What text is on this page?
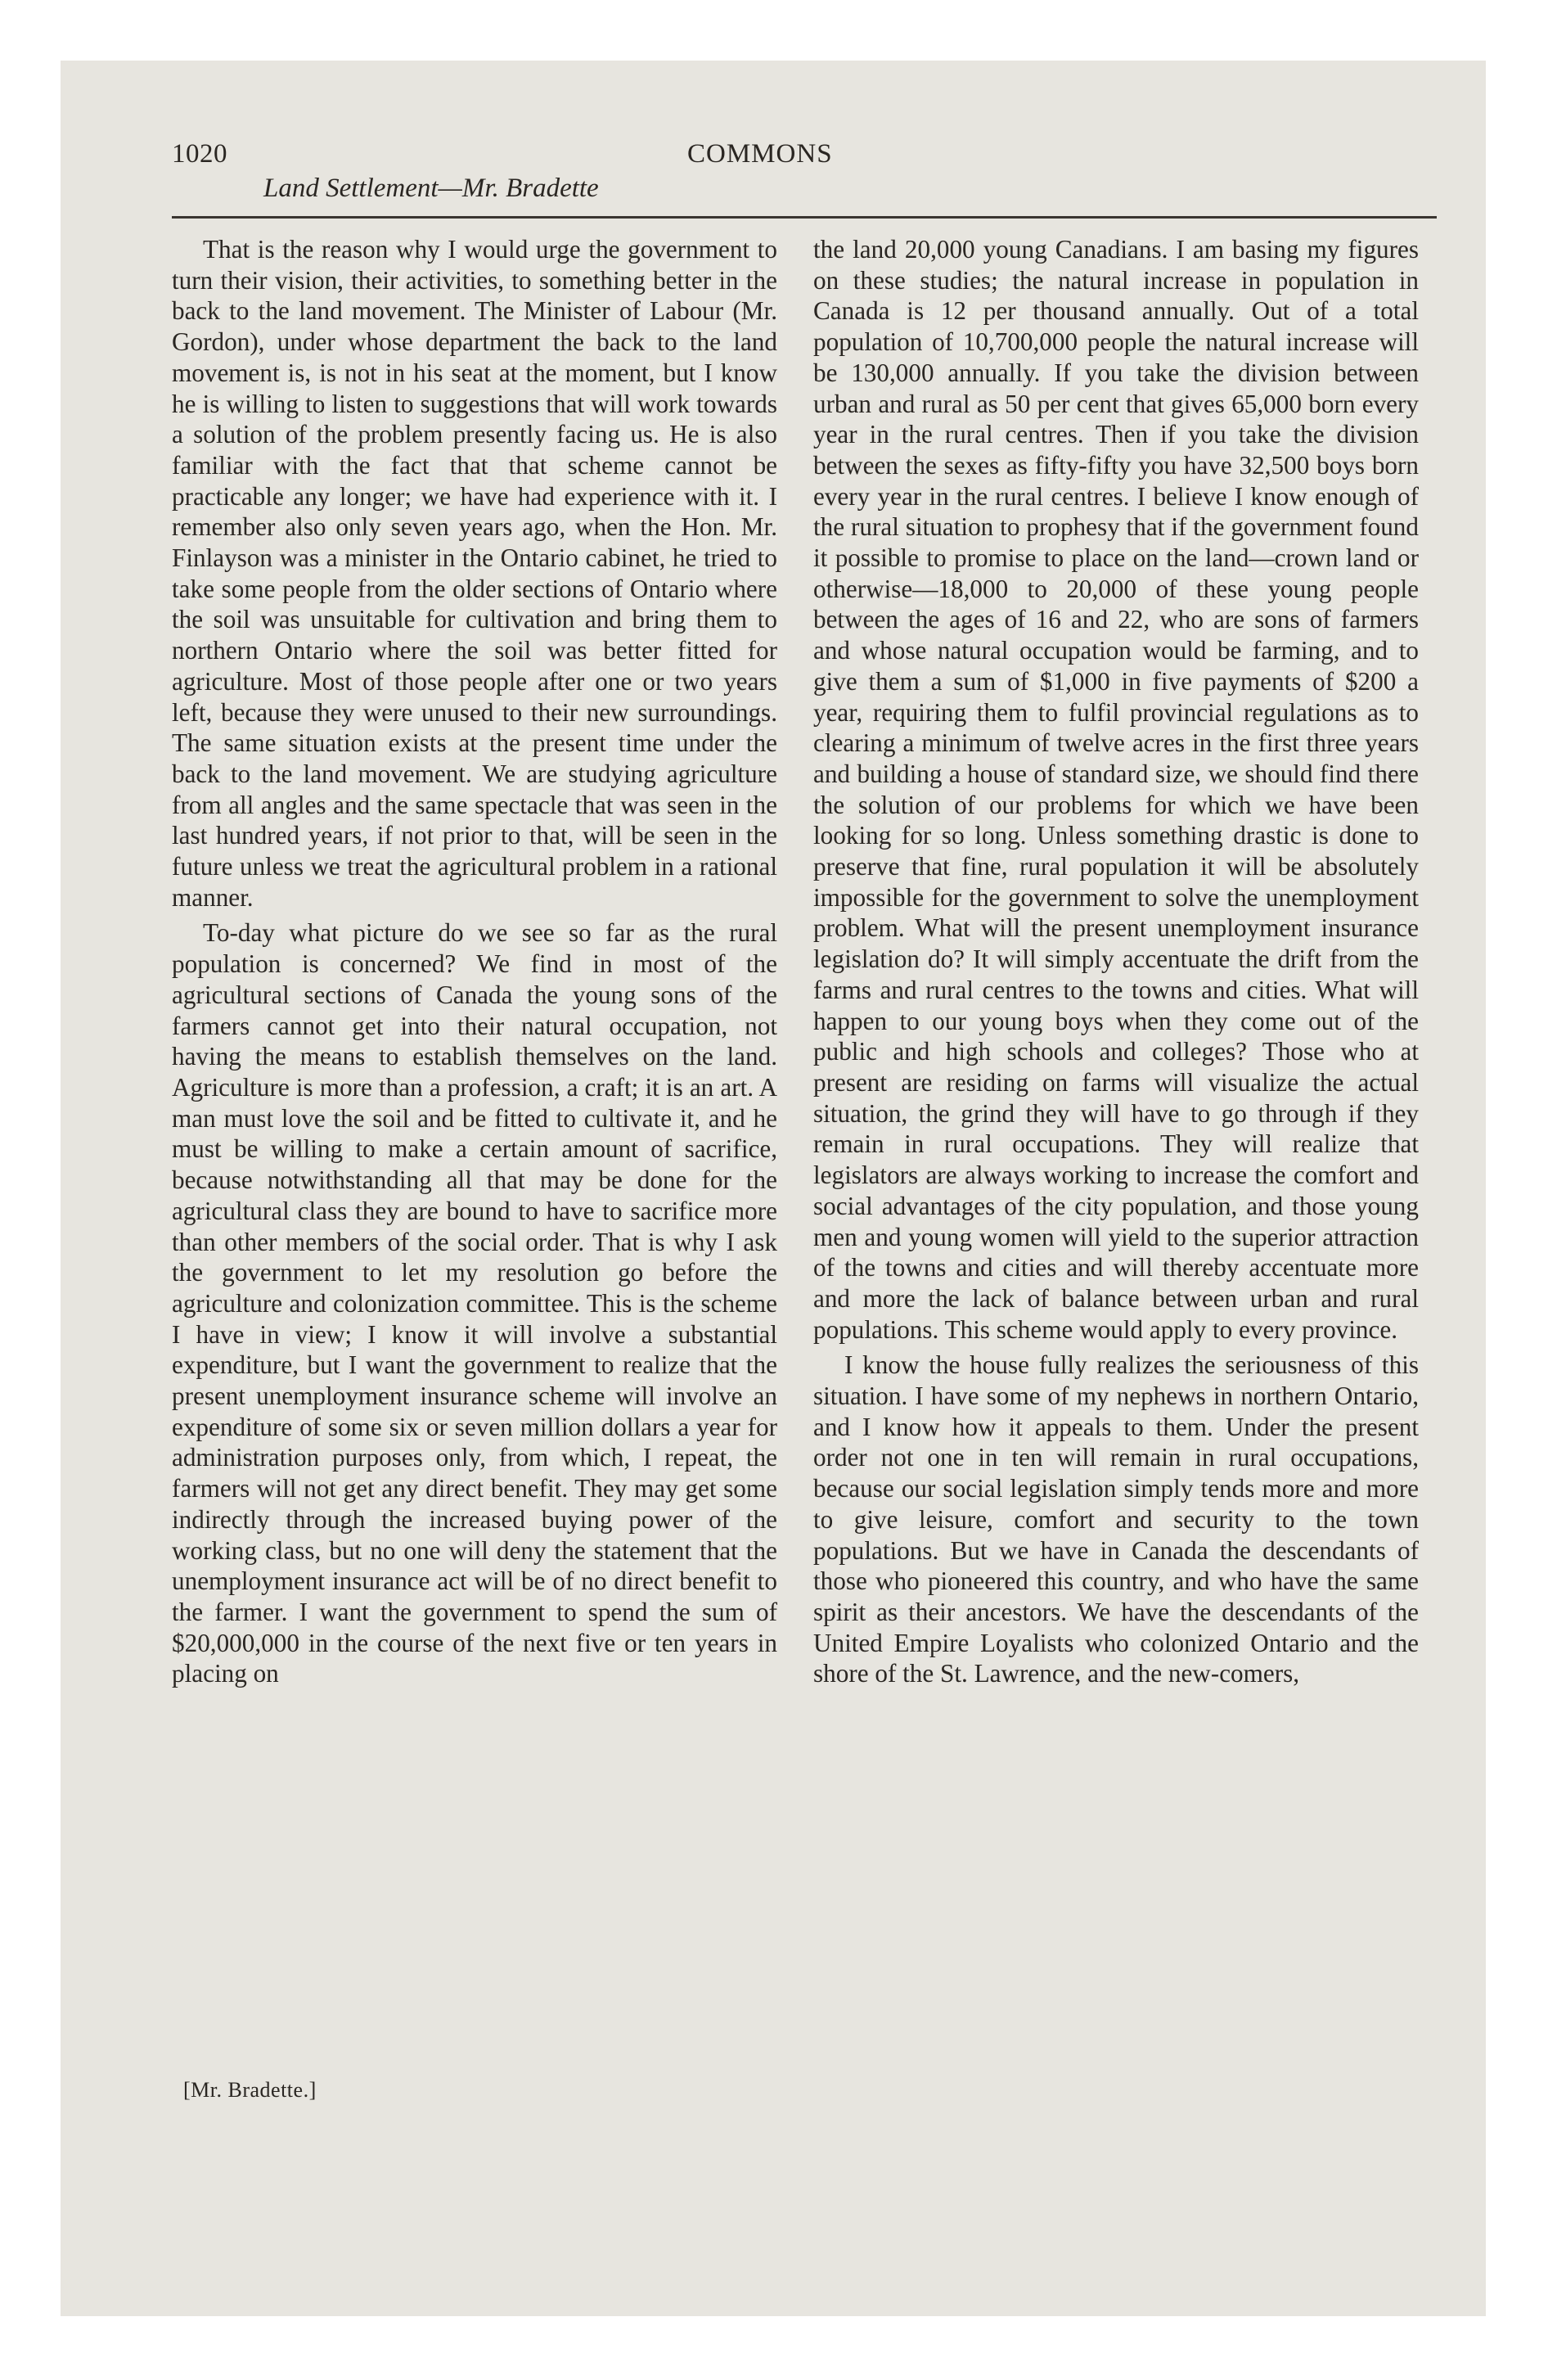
1020	COMMONS
Land Settlement—Mr. Bradette

That is the reason why I would urge the government to turn their vision, their activities, to something better in the back to the land movement. The Minister of Labour (Mr. Gordon), under whose department the back to the land movement is, is not in his seat at the moment, but I know he is willing to listen to suggestions that will work towards a solution of the problem presently facing us. He is also familiar with the fact that that scheme cannot be practicable any longer; we have had experience with it. I remember also only seven years ago, when the Hon. Mr. Finlayson was a minister in the Ontario cabinet, he tried to take some people from the older sections of Ontario where the soil was unsuitable for cultivation and bring them to northern Ontario where the soil was better fitted for agriculture. Most of those people after one or two years left, because they were unused to their new surroundings. The same situation exists at the present time under the back to the land movement. We are studying agriculture from all angles and the same spectacle that was seen in the last hundred years, if not prior to that, will be seen in the future unless we treat the agricultural problem in a rational manner.

To-day what picture do we see so far as the rural population is concerned? We find in most of the agricultural sections of Canada the young sons of the farmers cannot get into their natural occupation, not having the means to establish themselves on the land. Agriculture is more than a profession, a craft; it is an art. A man must love the soil and be fitted to cultivate it, and he must be willing to make a certain amount of sacrifice, because notwithstanding all that may be done for the agricultural class they are bound to have to sacrifice more than other members of the social order. That is why I ask the government to let my resolution go before the agriculture and colonization committee. This is the scheme I have in view; I know it will involve a substantial expenditure, but I want the government to realize that the present unemployment insurance scheme will involve an expenditure of some six or seven million dollars a year for administration purposes only, from which, I repeat, the farmers will not get any direct benefit. They may get some indirectly through the increased buying power of the working class, but no one will deny the statement that the unemployment insurance act will be of no direct benefit to the farmer. I want the government to spend the sum of $20,000,000 in the course of the next five or ten years in placing on

the land 20,000 young Canadians. I am basing my figures on these studies; the natural increase in population in Canada is 12 per thousand annually. Out of a total population of 10,700,000 people the natural increase will be 130,000 annually. If you take the division between urban and rural as 50 per cent that gives 65,000 born every year in the rural centres. Then if you take the division between the sexes as fifty-fifty you have 32,500 boys born every year in the rural centres. I believe I know enough of the rural situation to prophesy that if the government found it possible to promise to place on the land—crown land or otherwise—18,000 to 20,000 of these young people between the ages of 16 and 22, who are sons of farmers and whose natural occupation would be farming, and to give them a sum of $1,000 in five payments of $200 a year, requiring them to fulfil provincial regulations as to clearing a minimum of twelve acres in the first three years and building a house of standard size, we should find there the solution of our problems for which we have been looking for so long. Unless something drastic is done to preserve that fine, rural population it will be absolutely impossible for the government to solve the unemployment problem. What will the present unemployment insurance legislation do? It will simply accentuate the drift from the farms and rural centres to the towns and cities. What will happen to our young boys when they come out of the public and high schools and colleges? Those who at present are residing on farms will visualize the actual situation, the grind they will have to go through if they remain in rural occupations. They will realize that legislators are always working to increase the comfort and social advantages of the city population, and those young men and young women will yield to the superior attraction of the towns and cities and will thereby accentuate more and more the lack of balance between urban and rural populations. This scheme would apply to every province.

I know the house fully realizes the seriousness of this situation. I have some of my nephews in northern Ontario, and I know how it appeals to them. Under the present order not one in ten will remain in rural occupations, because our social legislation simply tends more and more to give leisure, comfort and security to the town populations. But we have in Canada the descendants of those who pioneered this country, and who have the same spirit as their ancestors. We have the descendants of the United Empire Loyalists who colonized Ontario and the shore of the St. Lawrence, and the new-comers,

[Mr. Bradette.]
